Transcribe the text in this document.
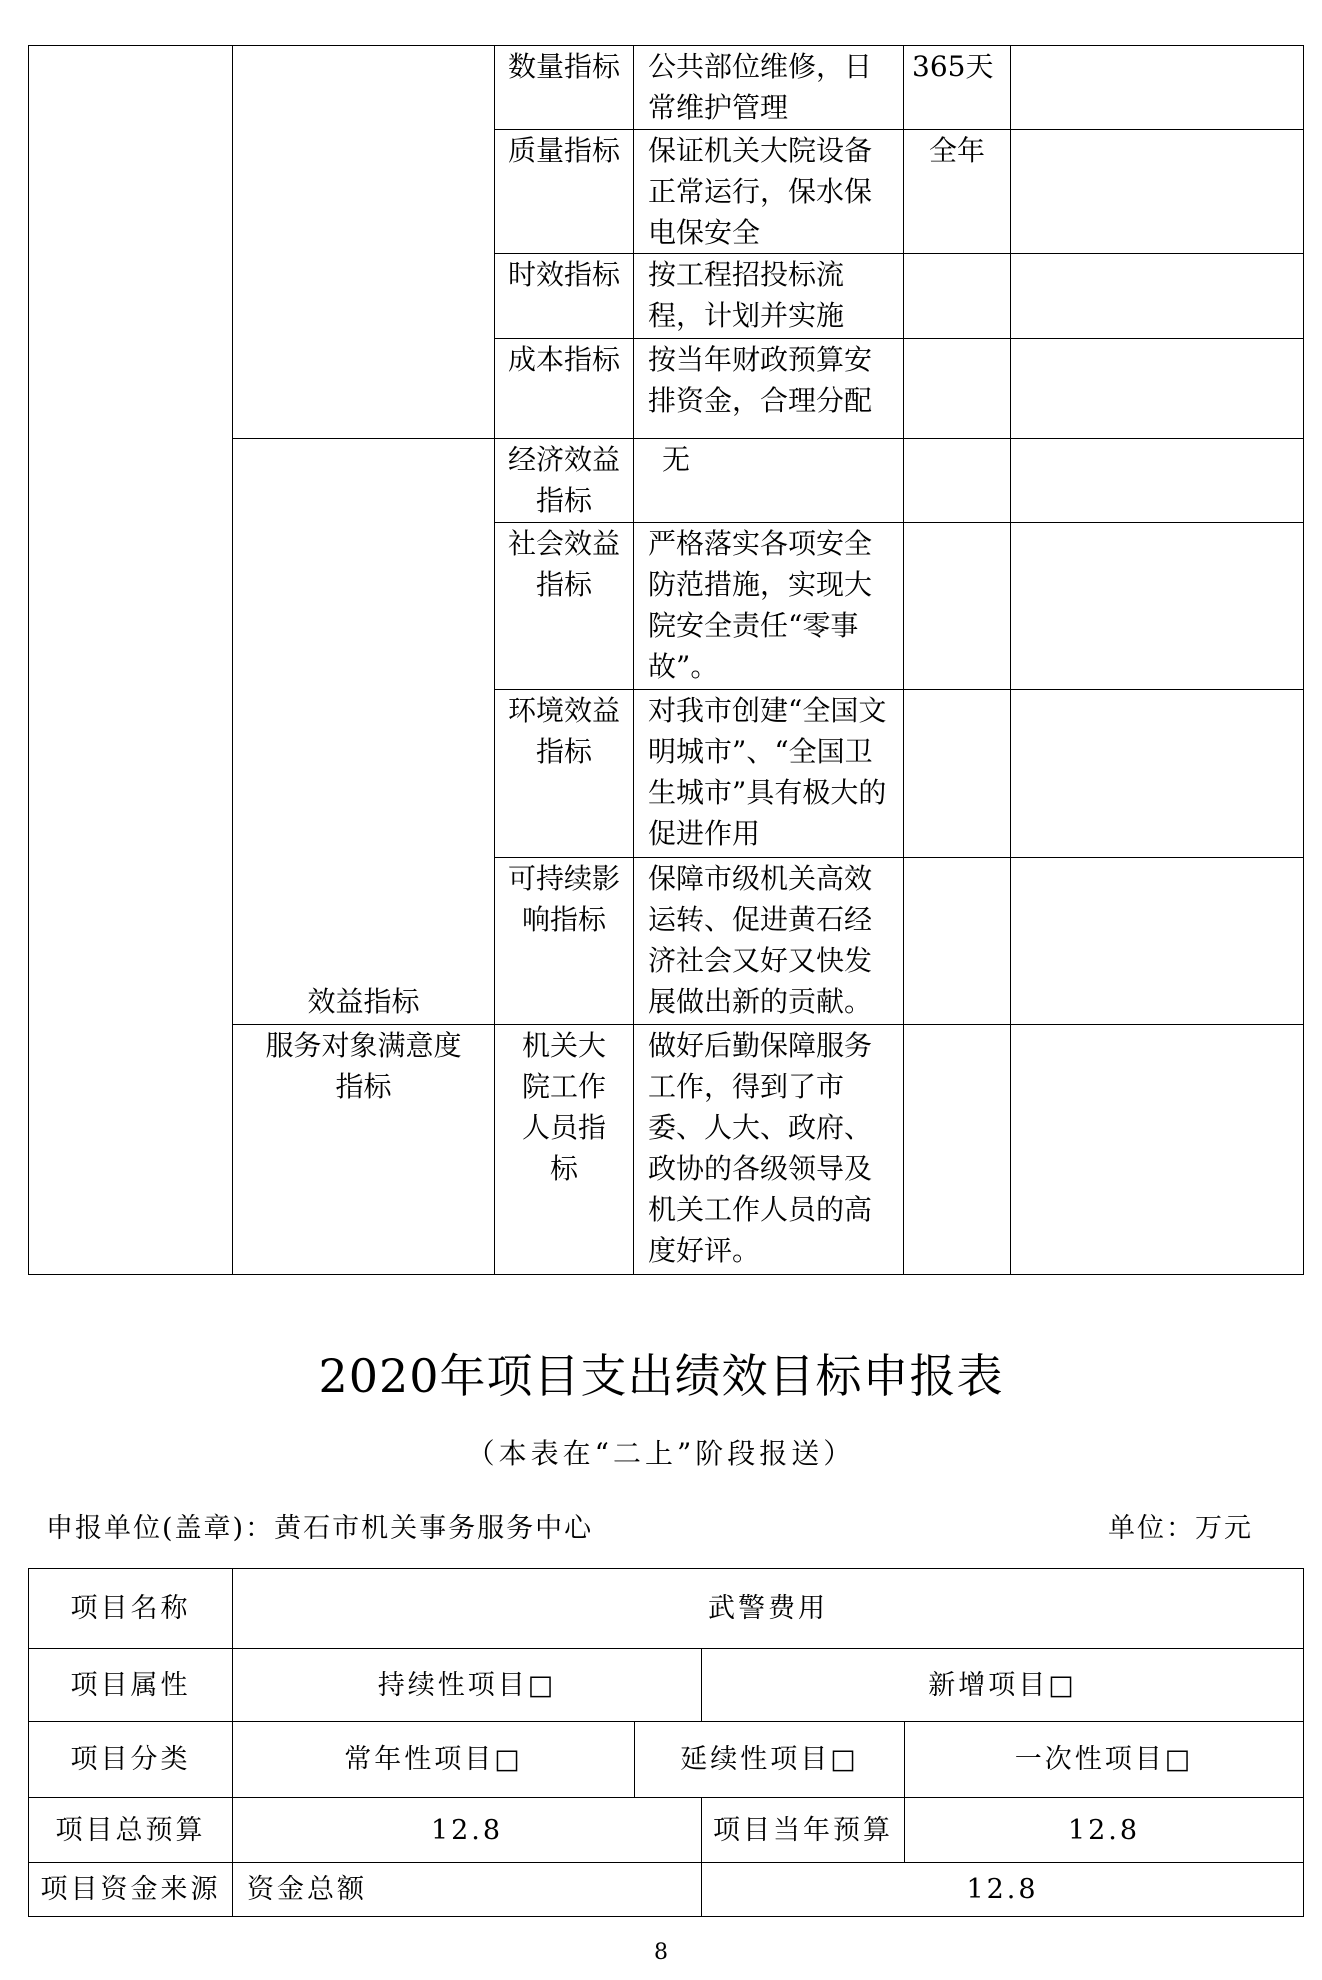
		数量指标	公共部位维修，日常维护管理	365天	
		质量指标	保证机关大院设备正常运行，保水保电保安全	全年	
		时效指标	按工程招投标流程，计划并实施		
		成本指标	按当年财政预算安排资金，合理分配		
	效益指标	经济效益指标	无		
		社会效益指标	严格落实各项安全防范措施，实现大院安全责任“零事故”。		
		环境效益指标	对我市创建“全国文明城市”、“全国卫生城市”具有极大的促进作用		
		可持续影响指标	保障市级机关高效运转、促进黄石经济社会又好又快发展做出新的贡献。		
	服务对象满意度指标	机关大院工作人员指标	做好后勤保障服务工作，得到了市委、人大、政府、政协的各级领导及机关工作人员的高度好评。		
2020年项目支出绩效目标申报表
（本表在“二上”阶段报送）
申报单位(盖章)：黄石市机关事务服务中心	单位：万元
项目名称	武警费用			
项目属性	持续性项目□		新增项目□	
项目分类	常年性项目□	延续性项目□		一次性项目□
项目总预算	12.8		项目当年预算	12.8
项目资金来源	资金总额		12.8	
8
